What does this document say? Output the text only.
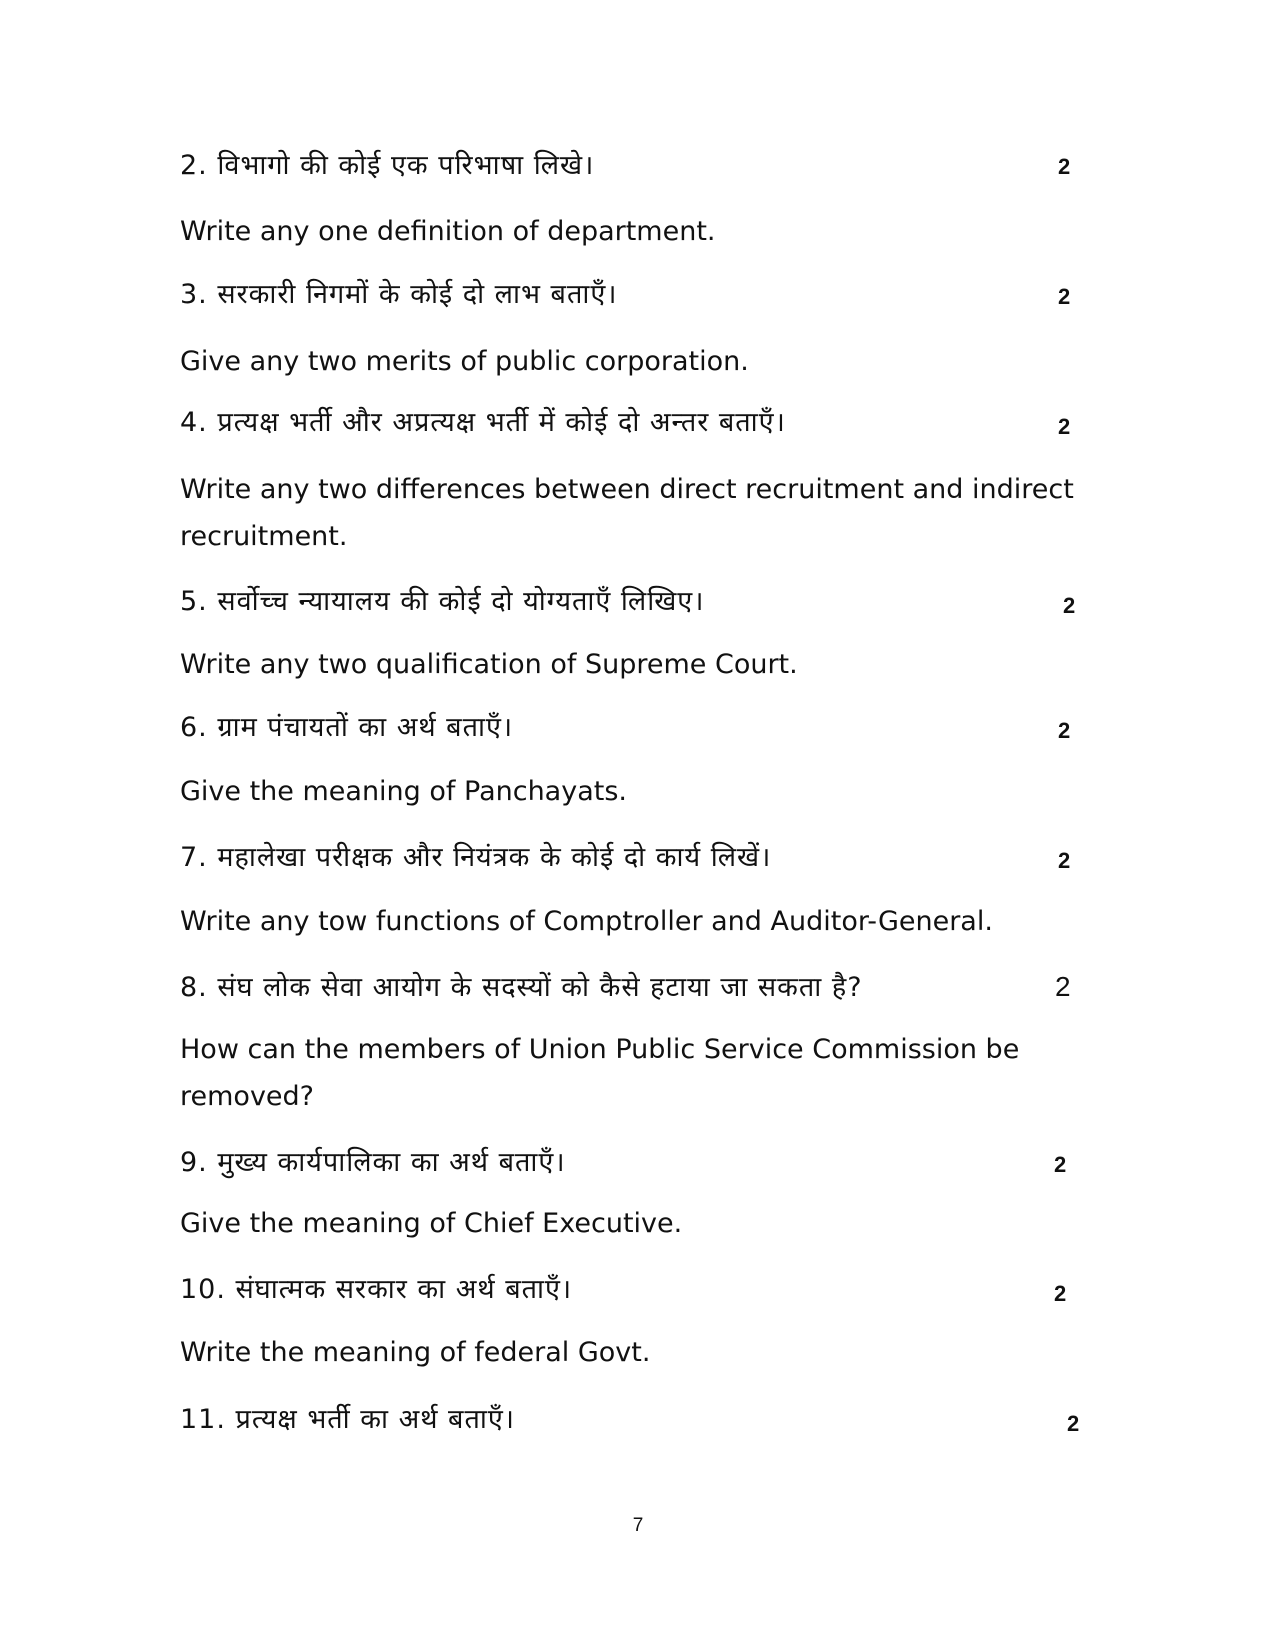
2. विभागो की कोई एक परिभाषा लिखे।	2
Write any one definition of department.
3. सरकारी निगमों के कोई दो लाभ बताएँ।	2
Give any two merits of public corporation.
4. प्रत्यक्ष भर्ती और अप्रत्यक्ष भर्ती में कोई दो अन्तर बताएँ।	2
Write any two differences between direct recruitment and indirect recruitment.
5. सर्वोच्च न्यायालय की कोई दो योग्यताएँ लिखिए।	2
Write any two qualification of Supreme Court.
6. ग्राम पंचायतों का अर्थ बताएँ।	2
Give the meaning of Panchayats.
7. महालेखा परीक्षक और नियंत्रक के कोई दो कार्य लिखें।	2
Write any tow functions of Comptroller and Auditor-General.
8. संघ लोक सेवा आयोग के सदस्यों को कैसे हटाया जा सकता है?	2
How can the members of Union Public Service Commission be removed?
9. मुख्य कार्यपालिका का अर्थ बताएँ।	2
Give the meaning of Chief Executive.
10. संघात्मक सरकार का अर्थ बताएँ।	2
Write the meaning of federal Govt.
11. प्रत्यक्ष भर्ती का अर्थ बताएँ।	2
7
